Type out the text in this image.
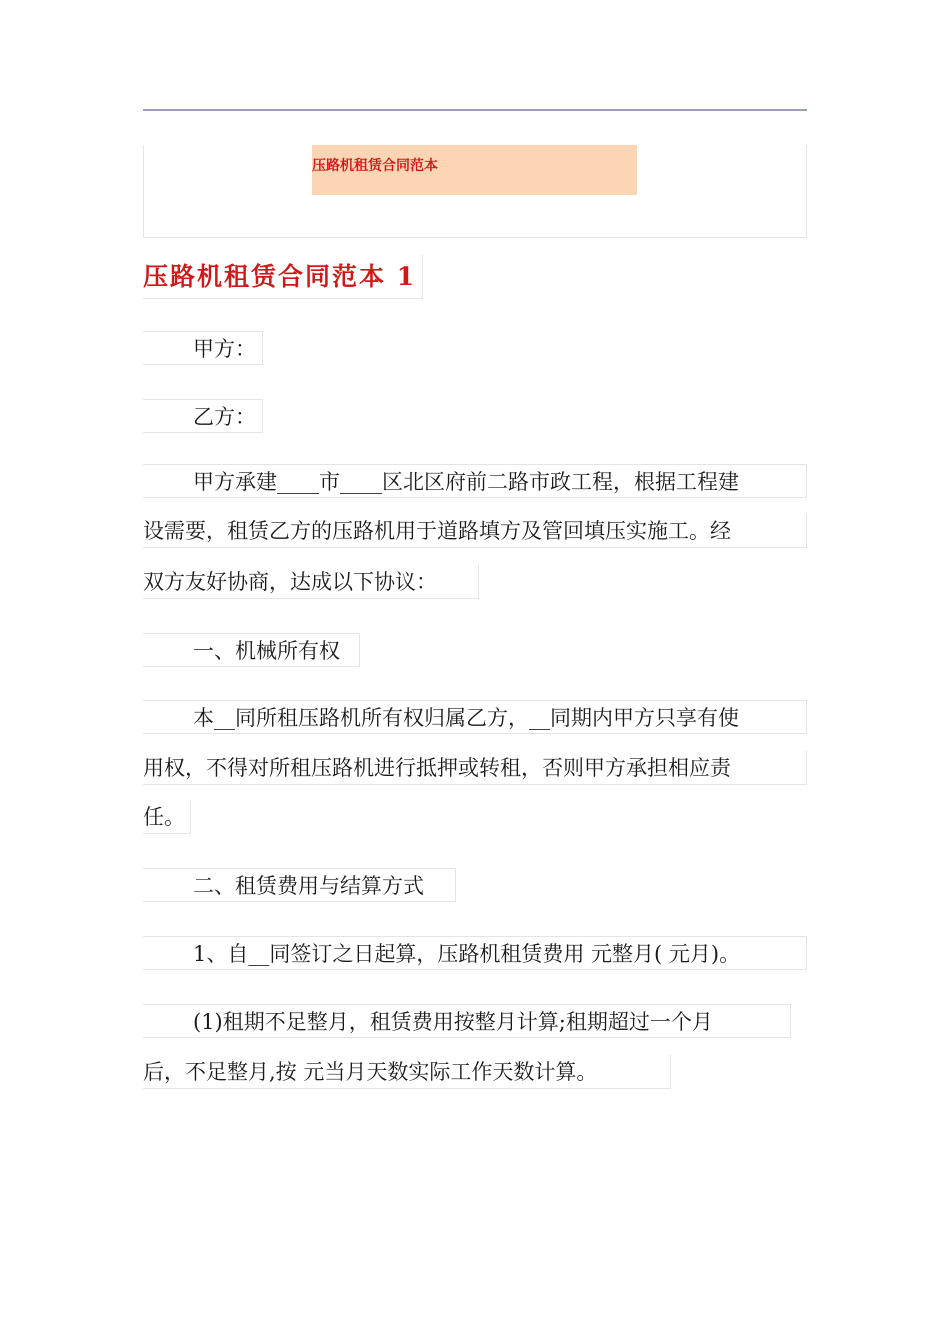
压路机租赁合同范本
压路机租赁合同范本 1
甲方：
乙方：
甲方承建____市____区北区府前二路市政工程，根据工程建
设需要，租赁乙方的压路机用于道路填方及管回填压实施工。经
双方友好协商，达成以下协议：
一、机械所有权
本__同所租压路机所有权归属乙方，__同期内甲方只享有使
用权，不得对所租压路机进行抵押或转租，否则甲方承担相应责
任。
二、租赁费用与结算方式
1、自__同签订之日起算，压路机租赁费用 元整月( 元月)。
(1)租期不足整月，租赁费用按整月计算;租期超过一个月
后，不足整月,按 元当月天数实际工作天数计算。
